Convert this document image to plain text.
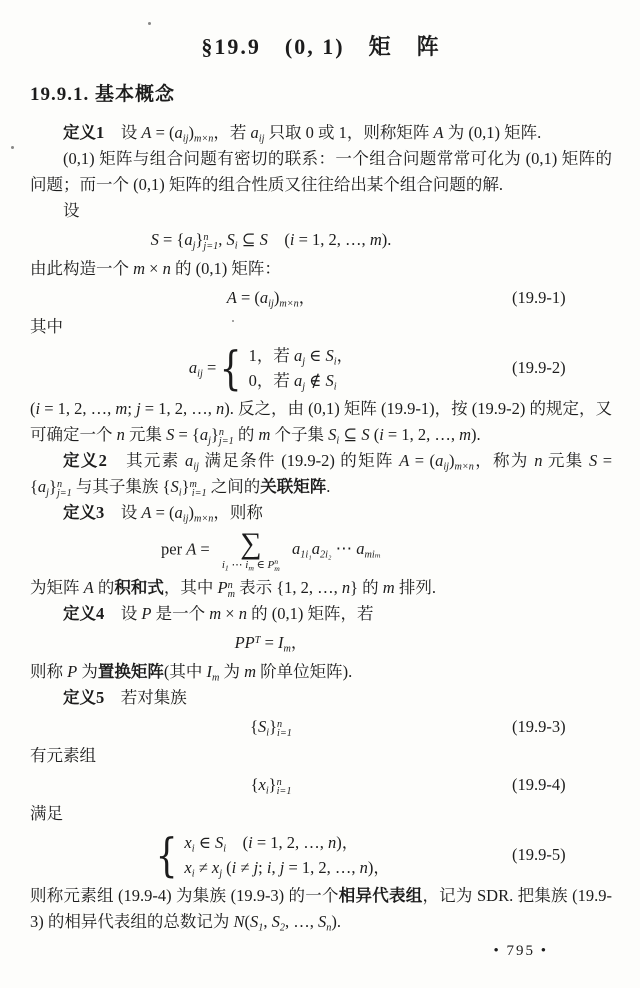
§19.9　(0, 1)　矩　阵
19.9.1. 基本概念

定义1　设 $A = (a_{ij})_{m\times n}$，若 $a_{ij}$ 只取 0 或 1，则称矩阵 A 为 (0,1) 矩阵.

(0,1) 矩阵与组合问题有密切的联系：一个组合问题常常可化为 (0,1) 矩阵的问题；而一个 (0,1) 矩阵的组合性质又往往给出某个组合问题的解.

设

$S = \{a_j\}^n_{j=1}$, $S_i$ ⊆ S　(i = 1, 2, …, m).

由此构造一个 m × n 的 (0,1) 矩阵：

$A = (a_{ij})_{m\times n}$，	(19.9-1)

其中

$a_{ij}$ = { 1，若 $a_j$ ∈ $S_i$，
0，若 $a_j$ ∉ $S_i$
(19.9-2)

(i = 1, 2, …, m; j = 1, 2, …, n). 反之，由 (0,1) 矩阵 (19.9-1)，按 (19.9-2) 的规定，又可确定一个 n 元集 $S = \{a_j\}^n_{j=1}$ 的 m 个子集 $S_i$ ⊆ S (i = 1, 2, …, m).

定义2　其元素 $a_{ij}$ 满足条件 (19.9-2) 的矩阵 $A = (a_{ij})_{m\times n}$，称为 n 元集 $S = \{a_j\}^n_{j=1}$ 与其子集族 $\{S_i\}^m_{i=1}$ 之间的关联矩阵.

定义3　设 $A = (a_{ij})_{m\times n}$，则称

per A = ∑
$i_1$ ⋯ $i_m$ ∈ $P^n_m$
$a_{1i_1}a_{2i_2}$ ⋯ $a_{mi_m}$

为矩阵 A 的积和式，其中 $P^n_m$ 表示 {1, 2, …, n} 的 m 排列.

定义4　设 P 是一个 m × n 的 (0,1) 矩阵，若

$PP^T = I_m$，

则称 P 为置换矩阵(其中 $I_m$ 为 m 阶单位矩阵).

定义5　若对集族

$\{S_i\}^n_{i=1}$	(19.9-3)

有元素组

$\{x_i\}^n_{i=1}$	(19.9-4)

满足

{ $x_i$ ∈ $S_i$　(i = 1, 2, …, n)，
$x_i \ne x_j$ (i ≠ j; i, j = 1, 2, …, n)，
(19.9-5)

则称元素组 (19.9-4) 为集族 (19.9-3) 的一个相异代表组，记为 SDR. 把集族 (19.9-3) 的相异代表组的总数记为 $N(S_1$, $S_2$, …, $S_n$).

• 795 •
